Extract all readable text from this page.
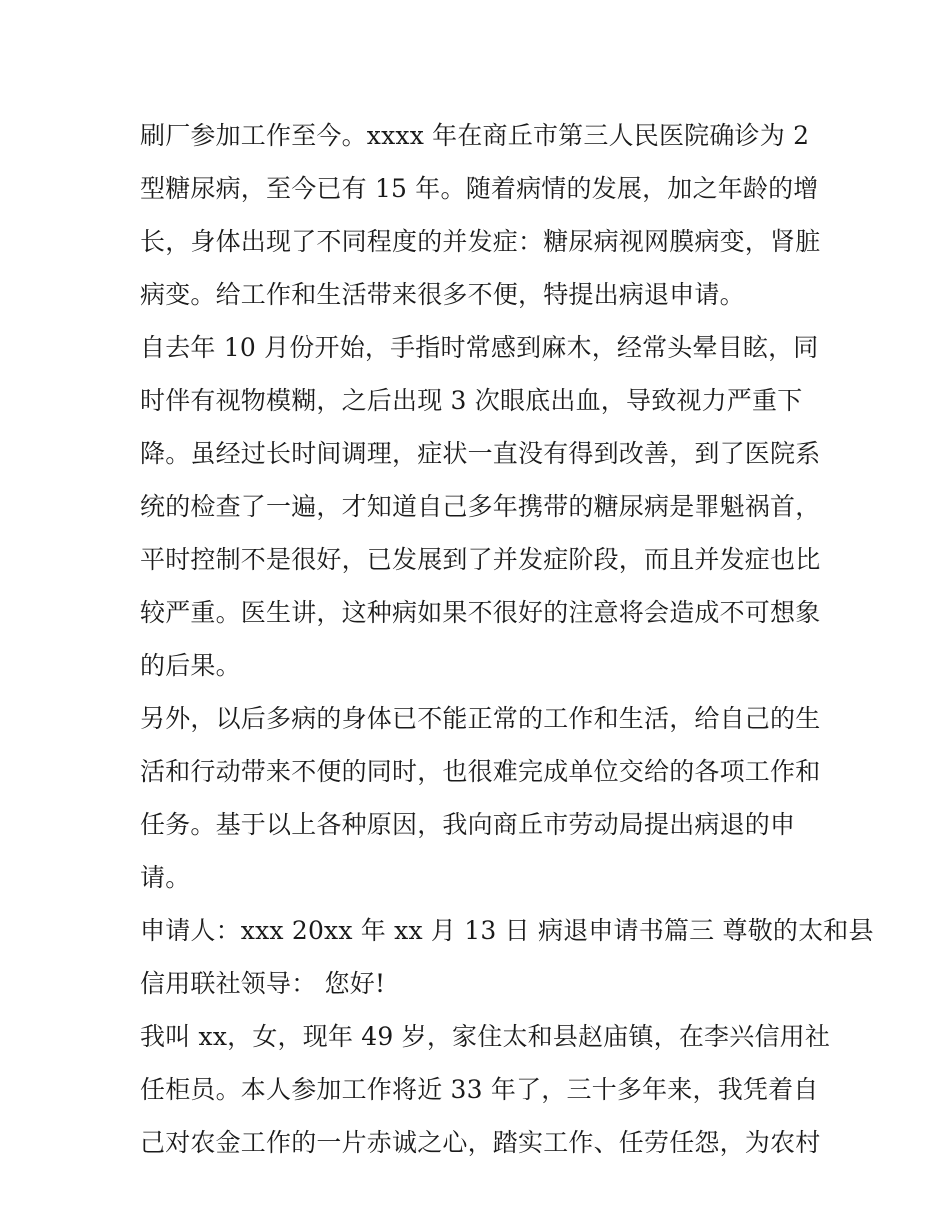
刷厂参加工作至今。xxxx 年在商丘市第三人民医院确诊为 2
型糖尿病，至今已有 15 年。随着病情的发展，加之年龄的增
长，身体出现了不同程度的并发症：糖尿病视网膜病变，肾脏
病变。给工作和生活带来很多不便，特提出病退申请。
自去年 10 月份开始，手指时常感到麻木，经常头晕目眩，同
时伴有视物模糊，之后出现 3 次眼底出血，导致视力严重下
降。虽经过长时间调理，症状一直没有得到改善，到了医院系
统的检查了一遍，才知道自己多年携带的糖尿病是罪魁祸首，
平时控制不是很好，已发展到了并发症阶段，而且并发症也比
较严重。医生讲，这种病如果不很好的注意将会造成不可想象
的后果。
另外，以后多病的身体已不能正常的工作和生活，给自己的生
活和行动带来不便的同时，也很难完成单位交给的各项工作和
任务。基于以上各种原因，我向商丘市劳动局提出病退的申
请。
申请人：xxx 20xx 年 xx 月 13 日 病退申请书篇三 尊敬的太和县
信用联社领导： 您好!
我叫 xx，女，现年 49 岁，家住太和县赵庙镇，在李兴信用社
任柜员。本人参加工作将近 33 年了，三十多年来，我凭着自
己对农金工作的一片赤诚之心，踏实工作、任劳任怨，为农村
